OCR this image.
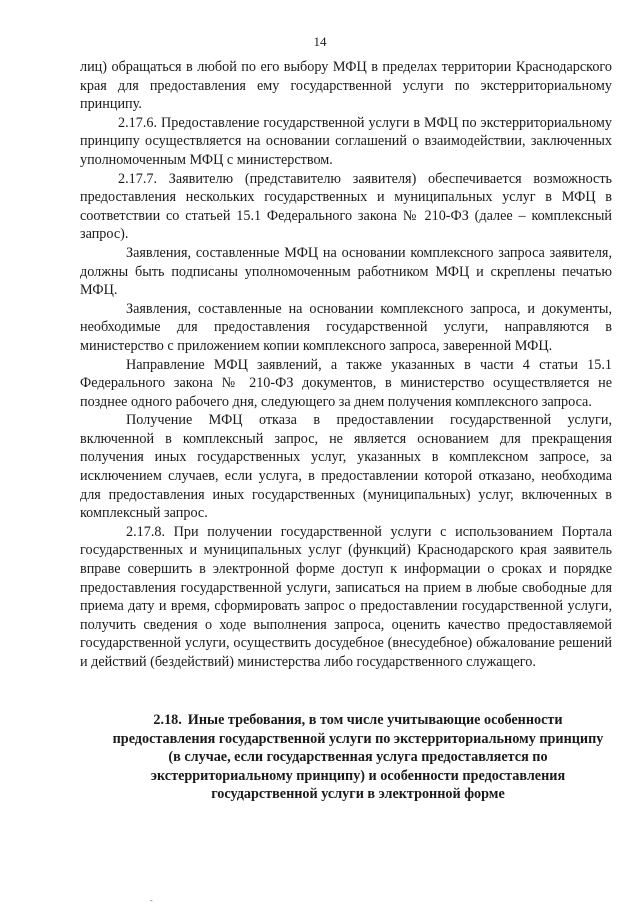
14

лиц) обращаться в любой по его выбору МФЦ в пределах территории Краснодарского края для предоставления ему государственной услуги по экстерриториальному принципу.

2.17.6. Предоставление государственной услуги в МФЦ по экстерриториальному принципу осуществляется на основании соглашений о взаимодействии, заключенных уполномоченным МФЦ с министерством.

2.17.7. Заявителю (представителю заявителя) обеспечивается возможность предоставления нескольких государственных и муниципальных услуг в МФЦ в соответствии со статьей 15.1 Федерального закона № 210-ФЗ (далее – комплексный запрос).

Заявления, составленные МФЦ на основании комплексного запроса заявителя, должны быть подписаны уполномоченным работником МФЦ и скреплены печатью МФЦ.

Заявления, составленные на основании комплексного запроса, и документы, необходимые для предоставления государственной услуги, направляются в министерство с приложением копии комплексного запроса, заверенной МФЦ.

Направление МФЦ заявлений, а также указанных в части 4 статьи 15.1 Федерального закона № 210-ФЗ документов, в министерство осуществляется не позднее одного рабочего дня, следующего за днем получения комплексного запроса.

Получение МФЦ отказа в предоставлении государственной услуги, включенной в комплексный запрос, не является основанием для прекращения получения иных государственных услуг, указанных в комплексном запросе, за исключением случаев, если услуга, в предоставлении которой отказано, необходима для предоставления иных государственных (муниципальных) услуг, включенных в комплексный запрос.

2.17.8. При получении государственной услуги с использованием Портала государственных и муниципальных услуг (функций) Краснодарского края заявитель вправе совершить в электронной форме доступ к информации о сроках и порядке предоставления государственной услуги, записаться на прием в любые свободные для приема дату и время, сформировать запрос о предоставлении государственной услуги, получить сведения о ходе выполнения запроса, оценить качество предоставляемой государственной услуги, осуществить досудебное (внесудебное) обжалование решений и действий (бездействий) министерства либо государственного служащего.

2.18. Иные требования, в том числе учитывающие особенности предоставления государственной услуги по экстерриториальному принципу (в случае, если государственная услуга предоставляется по экстерриториальному принципу) и особенности предоставления государственной услуги в электронной форме
-
